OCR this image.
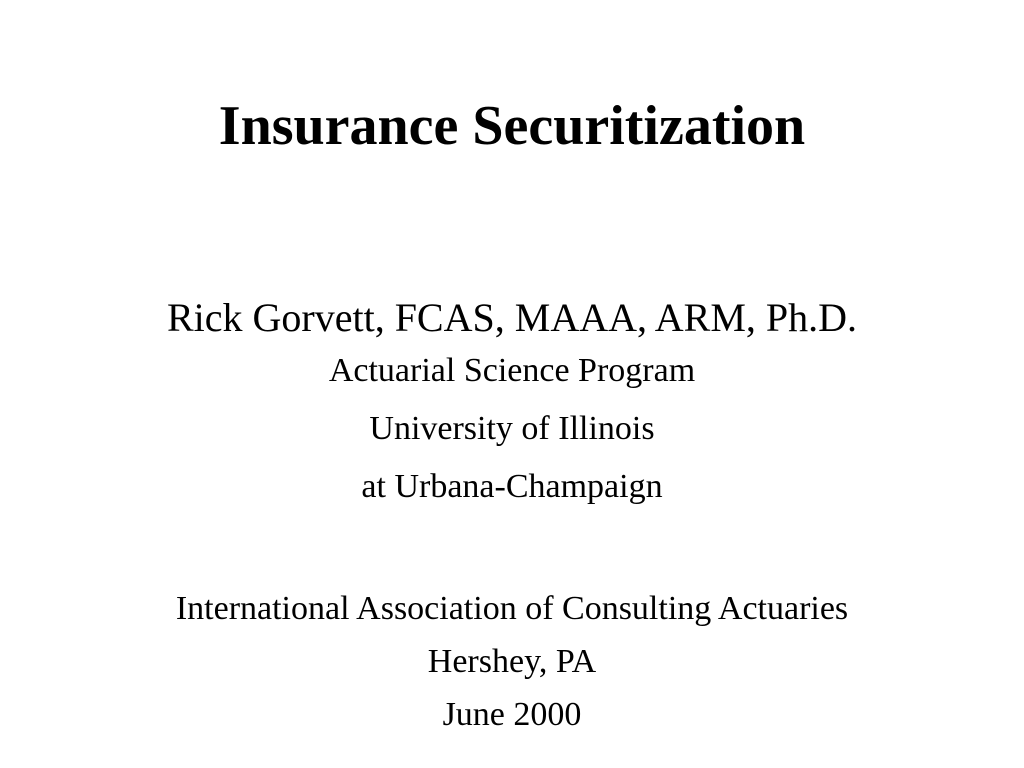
Insurance Securitization
Rick Gorvett, FCAS, MAAA, ARM, Ph.D.
Actuarial Science Program
University of Illinois
at Urbana-Champaign
International Association of Consulting Actuaries
Hershey, PA
June 2000
